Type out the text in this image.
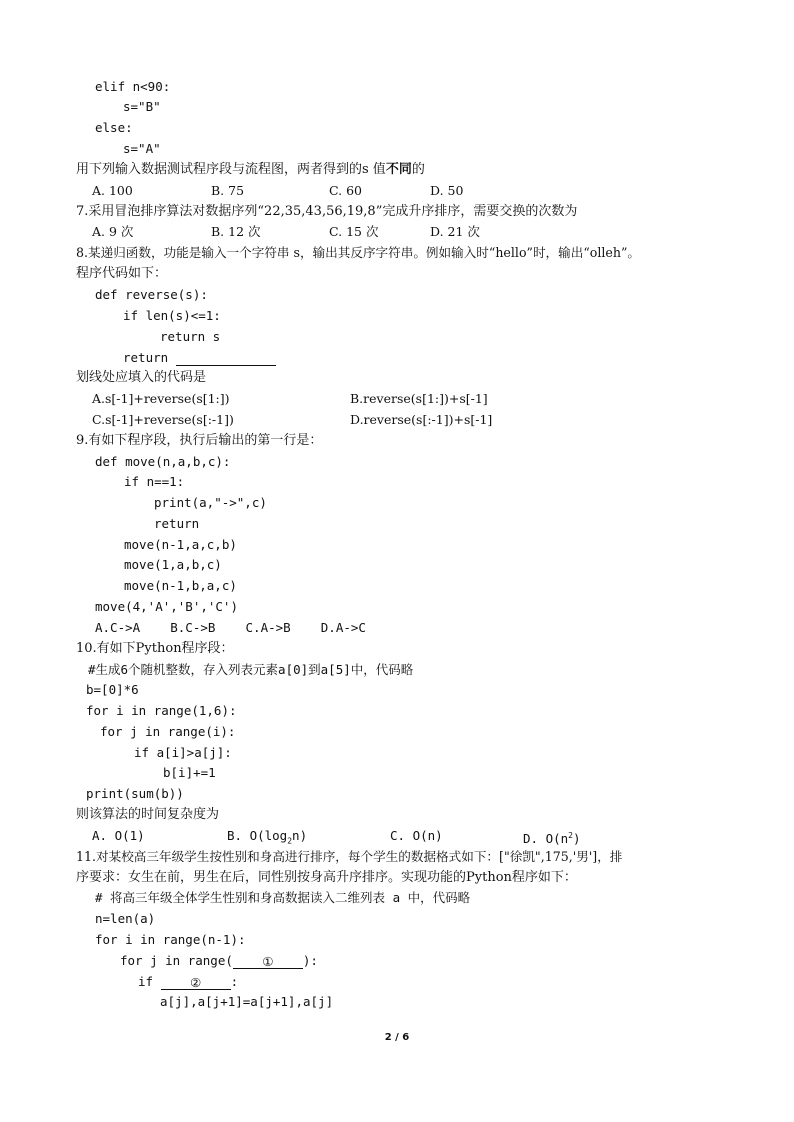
elif n<90:
s="B"
else:
s="A"
用下列输入数据测试程序段与流程图，两者得到的s 值不同的
A. 100	B. 75	C. 60	D. 50
7.采用冒泡排序算法对数据序列“22,35,43,56,19,8”完成升序排序，需要交换的次数为
A. 9 次	B. 12 次	C. 15 次	D. 21 次
8.某递归函数，功能是输入一个字符串 s，输出其反序字符串。例如输入时“hello”时，输出“olleh”。
程序代码如下：
def reverse(s):
if len(s)<=1:
return s
return
划线处应填入的代码是
A.s[-1]+reverse(s[1:])	B.reverse(s[1:])+s[-1]
C.s[-1]+reverse(s[:-1])	D.reverse(s[:-1])+s[-1]
9.有如下程序段，执行后输出的第一行是：
def move(n,a,b,c):
if n==1:
print(a,"->",c)
return
move(n-1,a,c,b)
move(1,a,b,c)
move(n-1,b,a,c)
move(4,'A','B','C')
A.C->A    B.C->B    C.A->B    D.A->C
10.有如下Python程序段：
#生成6个随机整数，存入列表元素a[0]到a[5]中，代码略
b=[0]*6
for i in range(1,6):
for j in range(i):
if a[i]>a[j]:
b[i]+=1
print(sum(b))
则该算法的时间复杂度为
A. O(1)	B. $O(\log_2n)$	C. O(n)	D. $O(n^2)$
11.对某校高三年级学生按性别和身高进行排序，每个学生的数据格式如下：["徐凯",175,'男']，排
序要求：女生在前，男生在后，同性别按身高升序排序。实现功能的Python程序如下：
# 将高三年级全体学生性别和身高数据读入二维列表 a 中，代码略
n=len(a)
for i in range(n-1):
for j in range( ① ):
if	② :
a[j],a[j+1]=a[j+1],a[j]
2 / 6
